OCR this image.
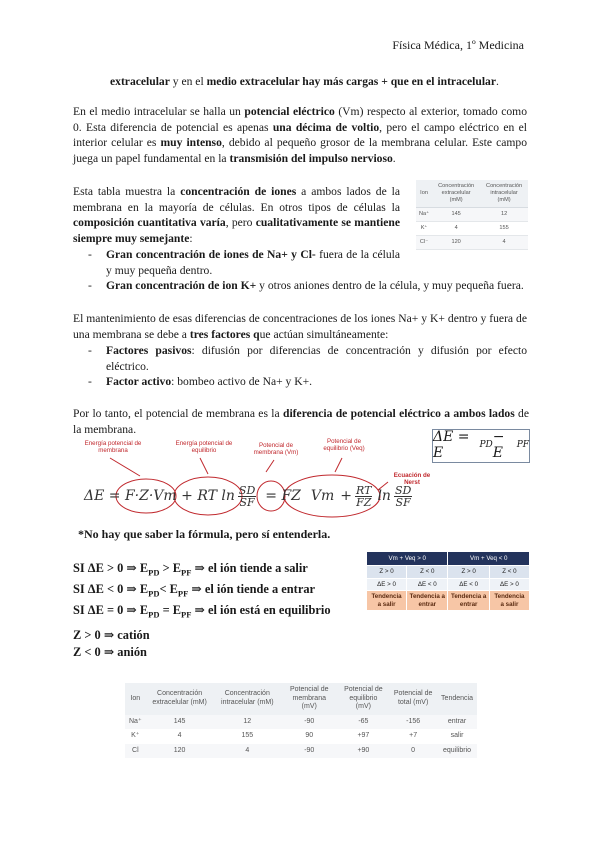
Física Médica, 1º Medicina

extracelular y en el medio extracelular hay más cargas + que en el intracelular.

En el medio intracelular se halla un potencial eléctrico (Vm) respecto al exterior, tomado como 0. Esta diferencia de potencial es apenas una décima de voltio, pero el campo eléctrico en el interior celular es muy intenso, debido al pequeño grosor de la membrana celular. Este campo juega un papel fundamental en la transmisión del impulso nervioso.

Esta tabla muestra la concentración de iones a ambos lados de la membrana en la mayoría de células. En otros tipos de células la composición cuantitativa varía, pero cualitativamente se mantiene siempre muy semejante:

Ion	Concentración extracelular (mM)	Concentración intracelular (mM)
Na⁺	145	12
K⁺	4	155
Cl⁻	120	4
- Gran concentración de iones de Na+ y Cl- fuera de la célula y muy pequeña dentro.
- Gran concentración de ion K+ y otros aniones dentro de la célula, y muy pequeña fuera.

El mantenimiento de esas diferencias de concentraciones de los iones Na+ y K+ dentro y fuera de una membrana se debe a tres factores que actúan simultáneamente:

- Factores pasivos: difusión por diferencias de concentración y difusión por efecto eléctrico.
- Factor activo: bombeo activo de Na+ y K+.

Por lo tanto, el potencial de membrana es la diferencia de potencial eléctrico a ambos lados de la membrana.

ΔE = E	PD − E	PF
Energía potencial de membrana
Energía potencial de equilibrio
Potencial de membrana (Vm)
Potencial de equilibrio (Veq)
Ecuación de Nerst
ΔE = F·Z·Vm + RT $\ln \frac{SD}{SF}$ = FZ $Vm + \frac{RT}{FZ}$ ln SD
SF
*No hay que saber la fórmula, pero sí entenderla.
SI ΔE > 0 ⇒ $E_{PD} > E_{PF}$ ⇒ el ión tiende a salir
SI ΔE < 0 ⇒ $E_{PD}< E_{PF}$ ⇒ el ión tiende a entrar
SI ΔE = 0 ⇒ $E_{PD} = E_{PF}$ ⇒ el ión está en equilibrio
Vm + Veq > 0		Vm + Veq < 0	
Z > 0	Z < 0	Z > 0	Z < 0
ΔE > 0	ΔE < 0	ΔE < 0	ΔE > 0
Tendencia a salir	Tendencia a entrar	Tendencia a entrar	Tendencia a salir
Z > 0 ⇒ catión
Z < 0 ⇒ anión
Ion	Concentración extracelular (mM)	Concentración intracelular (mM)	Potencial de membrana (mV)	Potencial de equilibrio (mV)	Potencial de total (mV)	Tendencia
Na⁺	145	12	-90	-65	-156	entrar
K⁺	4	155	90	+97	+7	salir
Cl	120	4	-90	+90	0	equilibrio
